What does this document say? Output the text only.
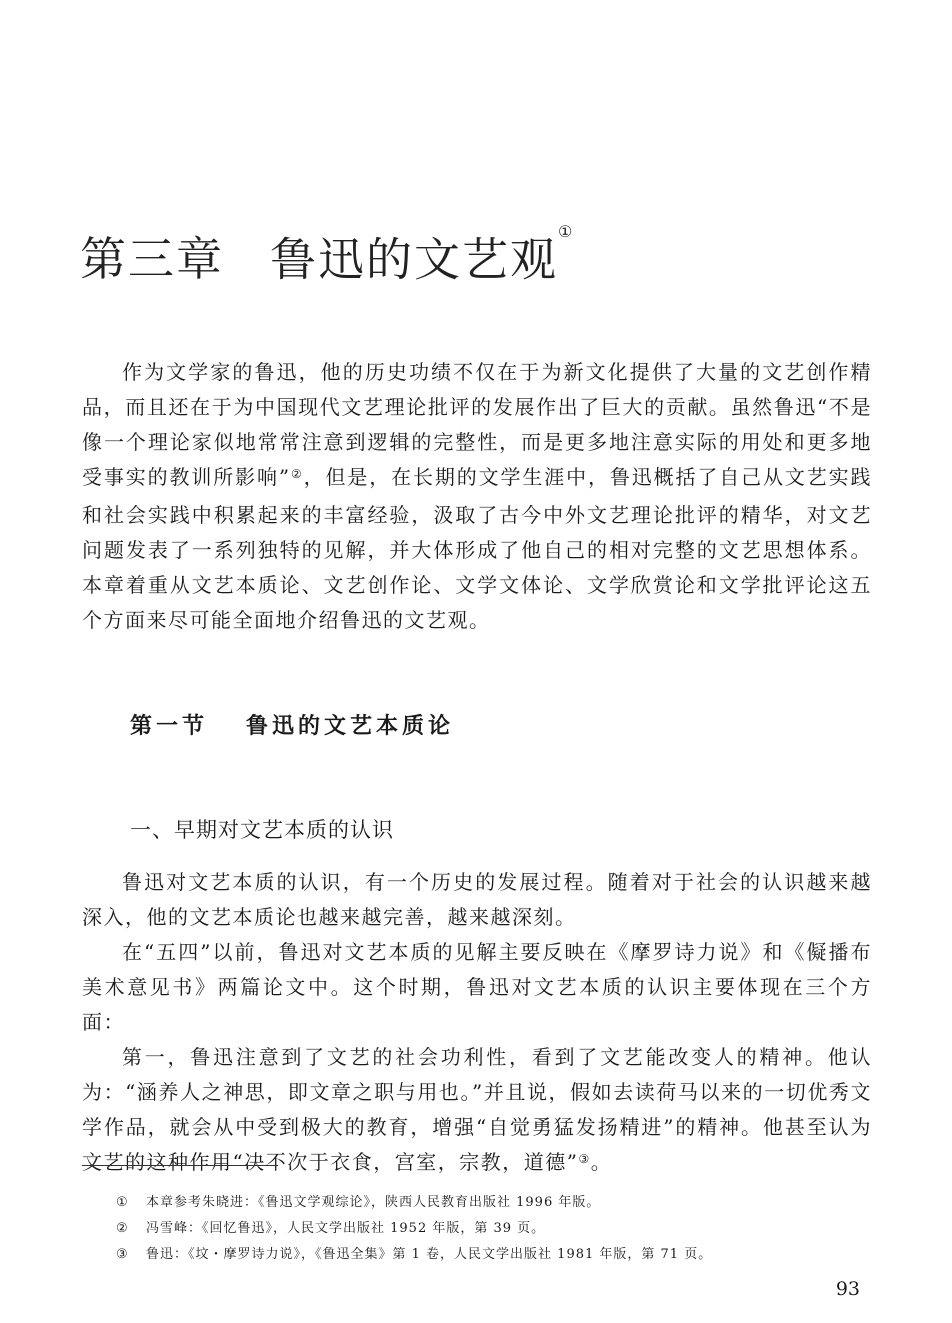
第三章 鲁迅的文艺观①

作为文学家的鲁迅，他的历史功绩不仅在于为新文化提供了大量的文艺创作精品，而且还在于为中国现代文艺理论批评的发展作出了巨大的贡献。虽然鲁迅“不是像一个理论家似地常常注意到逻辑的完整性，而是更多地注意实际的用处和更多地受事实的教训所影响”②，但是，在长期的文学生涯中，鲁迅概括了自己从文艺实践和社会实践中积累起来的丰富经验，汲取了古今中外文艺理论批评的精华，对文艺问题发表了一系列独特的见解，并大体形成了他自己的相对完整的文艺思想体系。本章着重从文艺本质论、文艺创作论、文学文体论、文学欣赏论和文学批评论这五个方面来尽可能全面地介绍鲁迅的文艺观。

第一节 鲁迅的文艺本质论
一、早期对文艺本质的认识

鲁迅对文艺本质的认识，有一个历史的发展过程。随着对于社会的认识越来越深入，他的文艺本质论也越来越完善，越来越深刻。

在“五四”以前，鲁迅对文艺本质的见解主要反映在《摩罗诗力说》和《儗播布美术意见书》两篇论文中。这个时期，鲁迅对文艺本质的认识主要体现在三个方面：

第一，鲁迅注意到了文艺的社会功利性，看到了文艺能改变人的精神。他认为：“涵养人之神思，即文章之职与用也。”并且说，假如去读荷马以来的一切优秀文学作品，就会从中受到极大的教育，增强“自觉勇猛发扬精进”的精神。他甚至认为文艺的这种作用“决不次于衣食，宫室，宗教，道德”③。

① 本章参考朱晓进：《鲁迅文学观综论》，陕西人民教育出版社 1996 年版。
② 冯雪峰：《回忆鲁迅》，人民文学出版社 1952 年版，第 39 页。
③ 鲁迅：《坟・摩罗诗力说》，《鲁迅全集》第 1 卷，人民文学出版社 1981 年版，第 71 页。
93
